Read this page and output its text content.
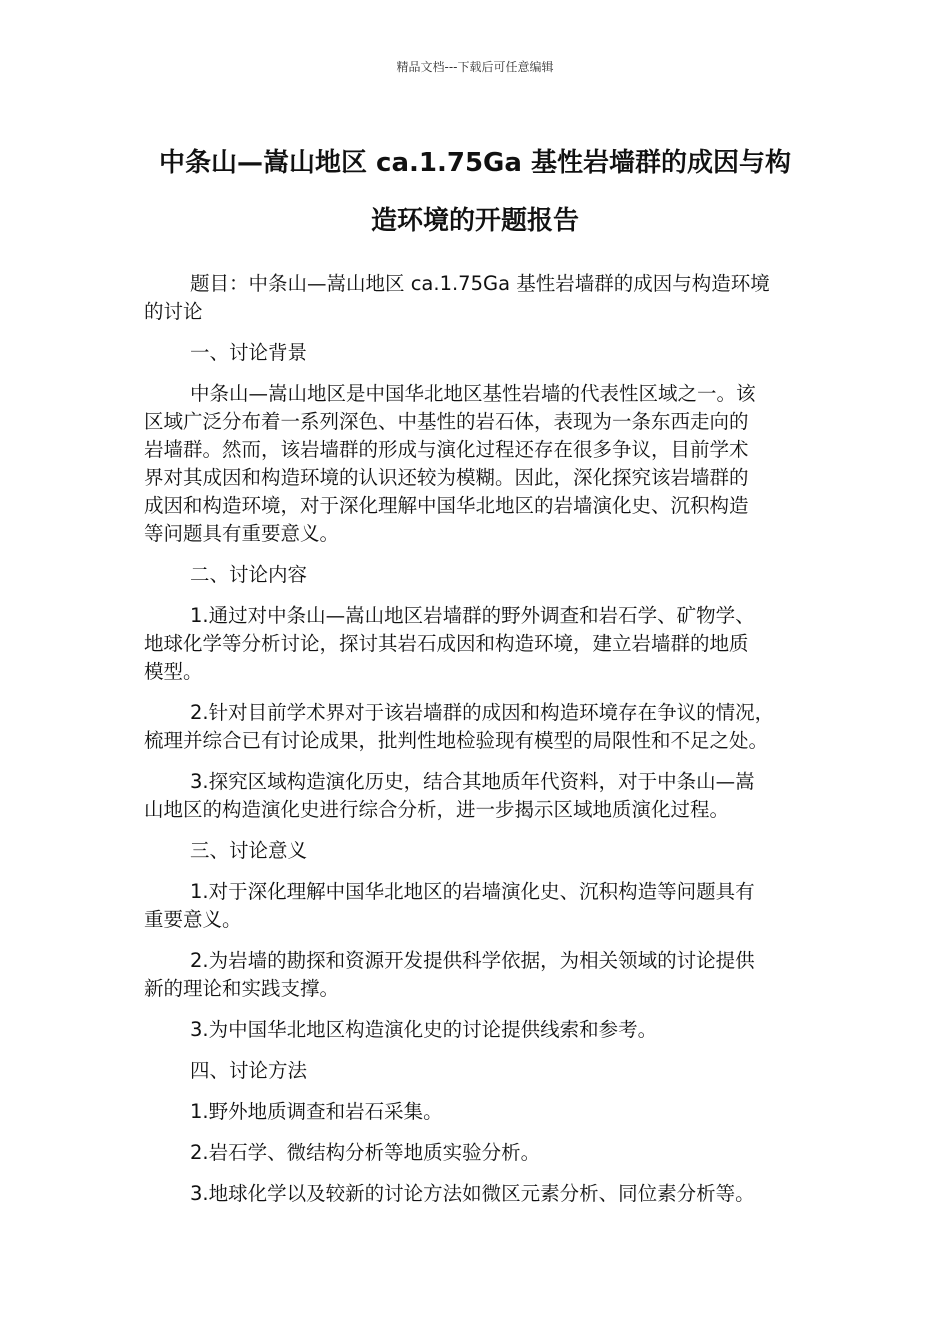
精品文档---下载后可任意编辑
中条山—嵩山地区 ca.1.75Ga 基性岩墙群的成因与构
造环境的开题报告
题目：中条山—嵩山地区 ca.1.75Ga 基性岩墙群的成因与构造环境
的讨论
一、讨论背景
中条山—嵩山地区是中国华北地区基性岩墙的代表性区域之一。该
区域广泛分布着一系列深色、中基性的岩石体，表现为一条东西走向的
岩墙群。然而，该岩墙群的形成与演化过程还存在很多争议，目前学术
界对其成因和构造环境的认识还较为模糊。因此，深化探究该岩墙群的
成因和构造环境，对于深化理解中国华北地区的岩墙演化史、沉积构造
等问题具有重要意义。
二、讨论内容
1.通过对中条山—嵩山地区岩墙群的野外调查和岩石学、矿物学、
地球化学等分析讨论，探讨其岩石成因和构造环境，建立岩墙群的地质
模型。
2.针对目前学术界对于该岩墙群的成因和构造环境存在争议的情况，
梳理并综合已有讨论成果，批判性地检验现有模型的局限性和不足之处。
3.探究区域构造演化历史，结合其地质年代资料，对于中条山—嵩
山地区的构造演化史进行综合分析，进一步揭示区域地质演化过程。
三、讨论意义
1.对于深化理解中国华北地区的岩墙演化史、沉积构造等问题具有
重要意义。
2.为岩墙的勘探和资源开发提供科学依据，为相关领域的讨论提供
新的理论和实践支撑。
3.为中国华北地区构造演化史的讨论提供线索和参考。
四、讨论方法
1.野外地质调查和岩石采集。
2.岩石学、微结构分析等地质实验分析。
3.地球化学以及较新的讨论方法如微区元素分析、同位素分析等。
